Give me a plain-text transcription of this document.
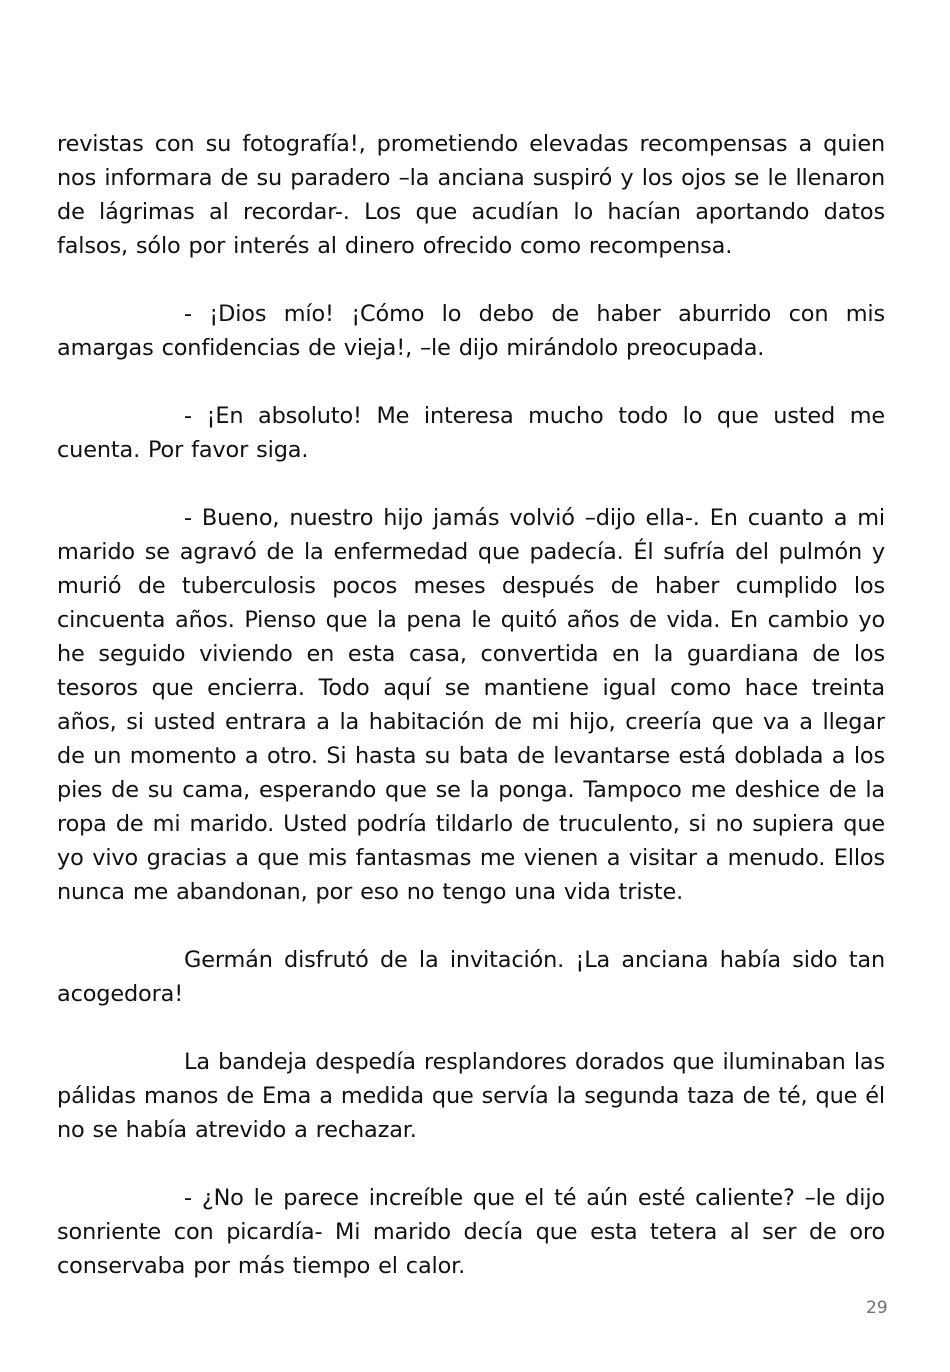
revistas con su fotografía!, prometiendo elevadas recompensas a quien nos informara de su paradero –la anciana suspiró y los ojos se le llenaron de lágrimas al recordar-. Los que acudían lo hacían aportando datos falsos, sólo por interés al dinero ofrecido como recompensa.

- ¡Dios mío! ¡Cómo lo debo de haber aburrido con mis amargas confidencias de vieja!, –le dijo mirándolo preocupada.

- ¡En absoluto! Me interesa mucho todo lo que usted me cuenta. Por favor siga.

- Bueno, nuestro hijo jamás volvió –dijo ella-. En cuanto a mi marido se agravó de la enfermedad que padecía. Él sufría del pulmón y murió de tuberculosis pocos meses después de haber cumplido los cincuenta años. Pienso que la pena le quitó años de vida. En cambio yo he seguido viviendo en esta casa, convertida en la guardiana de los tesoros que encierra. Todo aquí se mantiene igual como hace treinta años, si usted entrara a la habitación de mi hijo, creería que va a llegar de un momento a otro. Si hasta su bata de levantarse está doblada a los pies de su cama, esperando que se la ponga. Tampoco me deshice de la ropa de mi marido. Usted podría tildarlo de truculento, si no supiera que yo vivo gracias a que mis fantasmas me vienen a visitar a menudo. Ellos nunca me abandonan, por eso no tengo una vida triste.

Germán disfrutó de la invitación. ¡La anciana había sido tan acogedora!

La bandeja despedía resplandores dorados que iluminaban las pálidas manos de Ema a medida que servía la segunda taza de té, que él no se había atrevido a rechazar.

- ¿No le parece increíble que el té aún esté caliente? –le dijo sonriente con picardía- Mi marido decía que esta tetera al ser de oro conservaba por más tiempo el calor.

29
